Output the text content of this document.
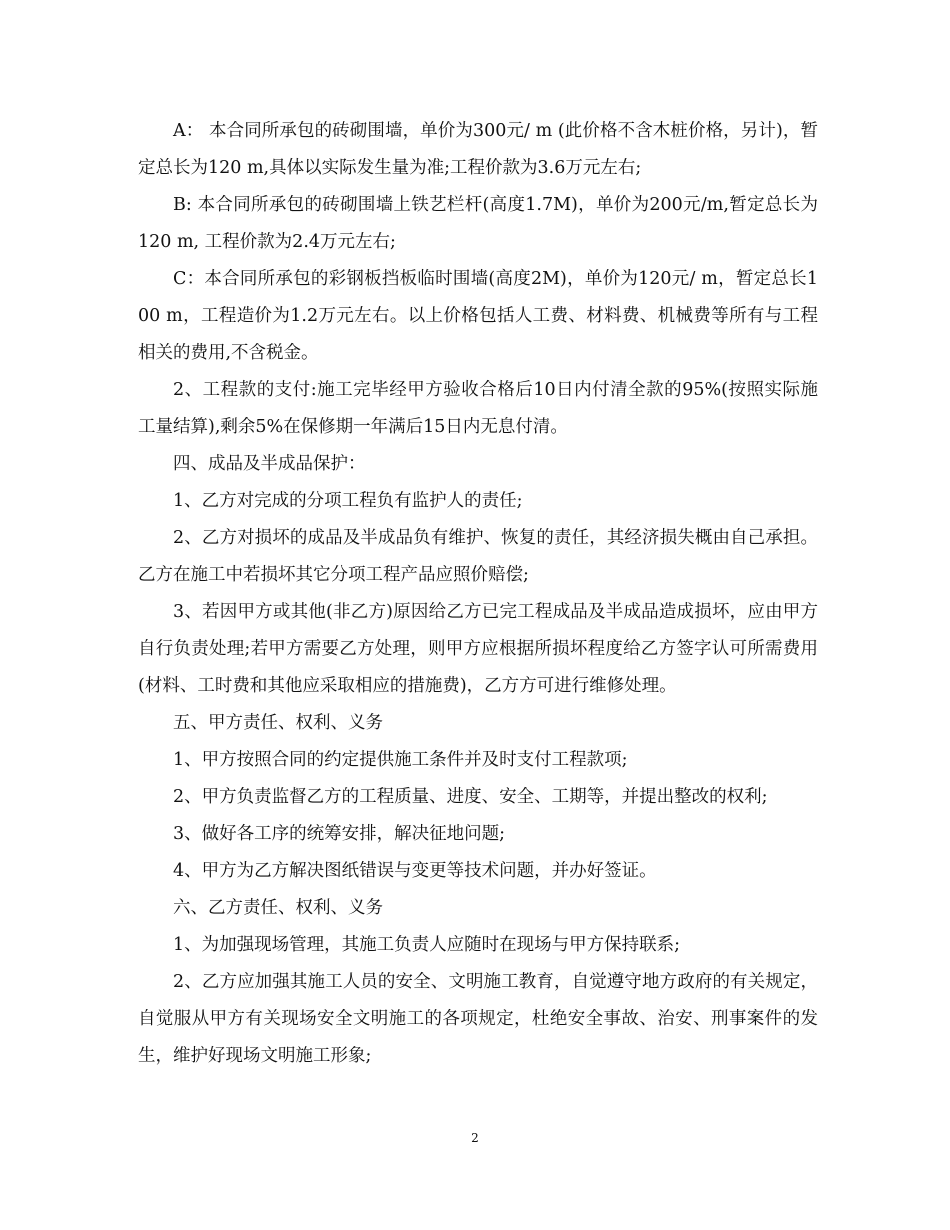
A： 本合同所承包的砖砌围墙，单价为300元/ m (此价格不含木桩价格，另计)，暂定总长为120 m,具体以实际发生量为准;工程价款为3.6万元左右;

B: 本合同所承包的砖砌围墙上铁艺栏杆(高度1.7M)，单价为200元/m,暂定总长为120 m, 工程价款为2.4万元左右;

C：本合同所承包的彩钢板挡板临时围墙(高度2M)，单价为120元/ m，暂定总长100 m，工程造价为1.2万元左右。以上价格包括人工费、材料费、机械费等所有与工程相关的费用,不含税金。

2、工程款的支付:施工完毕经甲方验收合格后10日内付清全款的95%(按照实际施工量结算),剩余5%在保修期一年满后15日内无息付清。

四、成品及半成品保护：

1、乙方对完成的分项工程负有监护人的责任;

2、乙方对损坏的成品及半成品负有维护、恢复的责任，其经济损失概由自己承担。乙方在施工中若损坏其它分项工程产品应照价赔偿;

3、若因甲方或其他(非乙方)原因给乙方已完工程成品及半成品造成损坏，应由甲方自行负责处理;若甲方需要乙方处理，则甲方应根据所损坏程度给乙方签字认可所需费用(材料、工时费和其他应采取相应的措施费)，乙方方可进行维修处理。

五、甲方责任、权利、义务

1、甲方按照合同的约定提供施工条件并及时支付工程款项;

2、甲方负责监督乙方的工程质量、进度、安全、工期等，并提出整改的权利;

3、做好各工序的统筹安排，解决征地问题;

4、甲方为乙方解决图纸错误与变更等技术问题，并办好签证。

六、乙方责任、权利、义务

1、为加强现场管理，其施工负责人应随时在现场与甲方保持联系;

2、乙方应加强其施工人员的安全、文明施工教育，自觉遵守地方政府的有关规定，自觉服从甲方有关现场安全文明施工的各项规定，杜绝安全事故、治安、刑事案件的发生，维护好现场文明施工形象;

2
